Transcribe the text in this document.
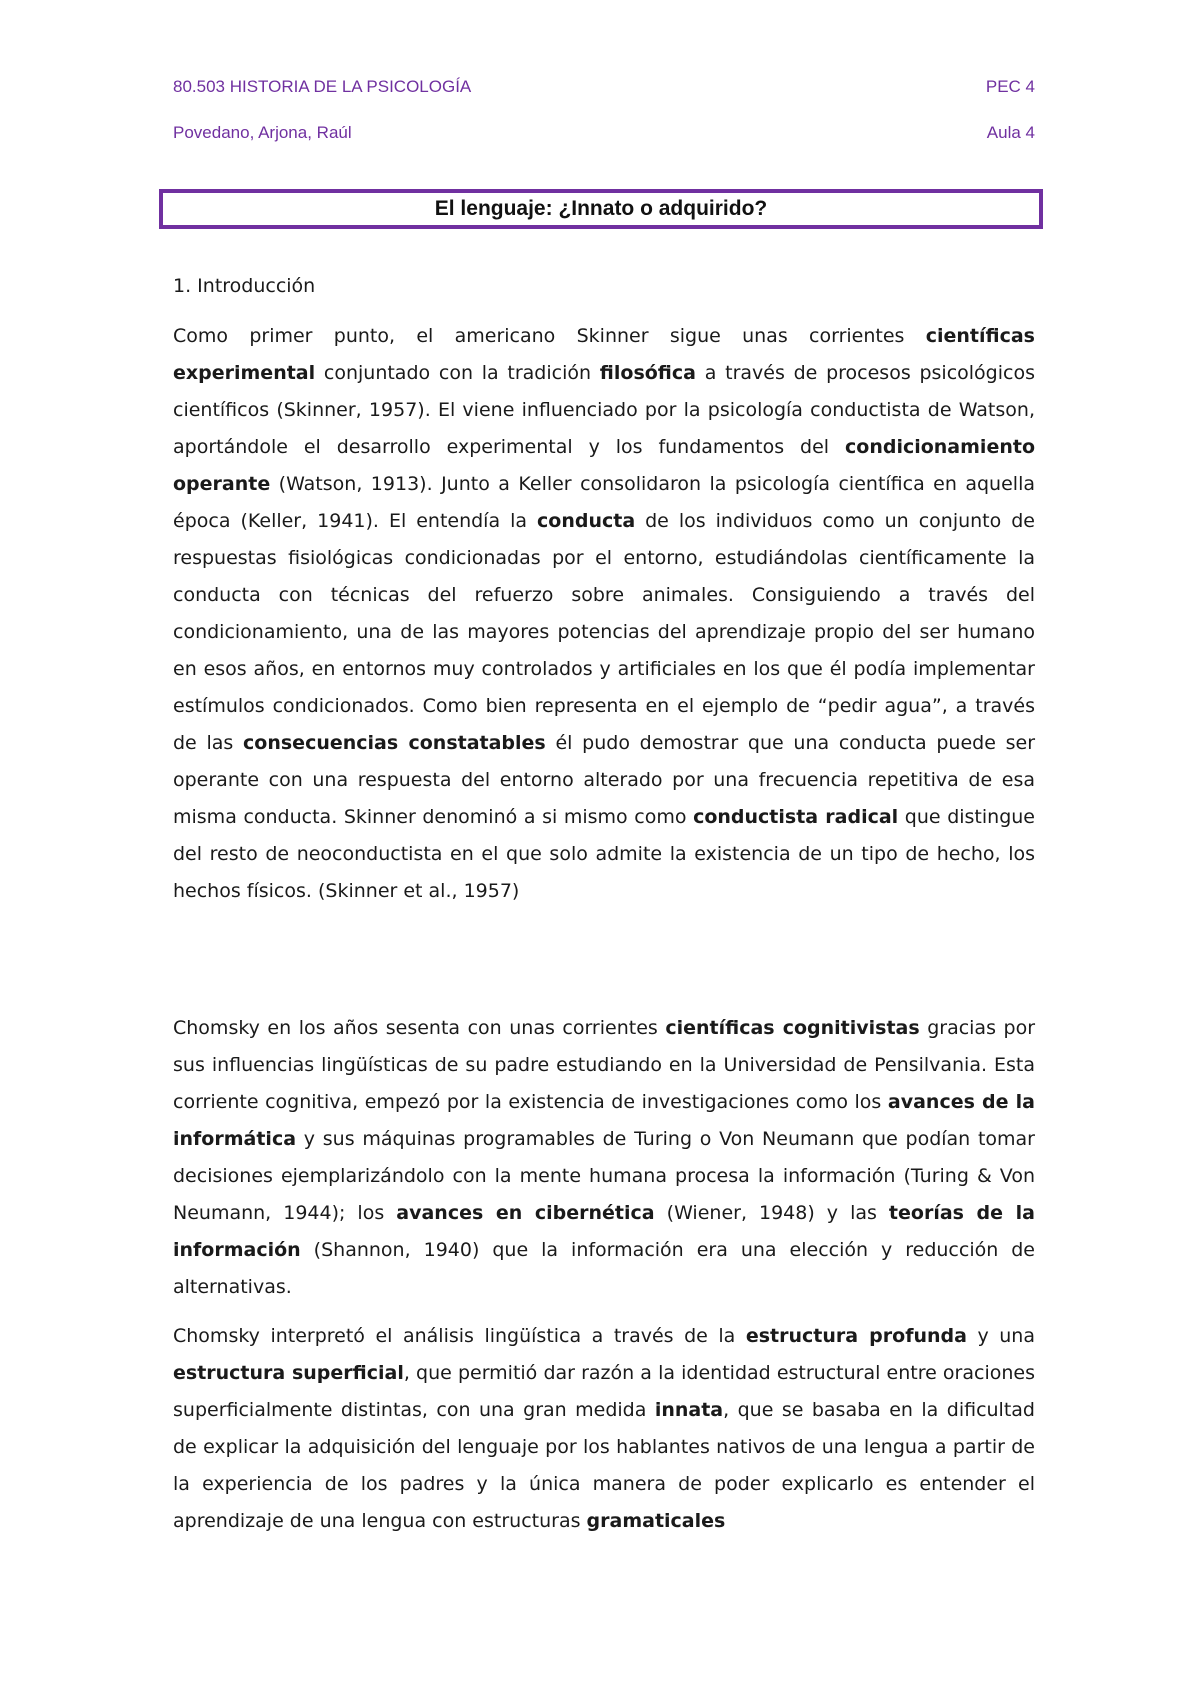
80.503 HISTORIA DE LA PSICOLOGÍA	PEC 4
Povedano, Arjona, Raúl	Aula 4
El lenguaje: ¿Innato o adquirido?
1. Introducción

Como primer punto, el americano Skinner sigue unas corrientes científicas experimental conjuntado con la tradición filosófica a través de procesos psicológicos científicos (Skinner, 1957). El viene influenciado por la psicología conductista de Watson, aportándole el desarrollo experimental y los fundamentos del condicionamiento operante (Watson, 1913). Junto a Keller consolidaron la psicología científica en aquella época (Keller, 1941). El entendía la conducta de los individuos como un conjunto de respuestas fisiológicas condicionadas por el entorno, estudiándolas científicamente la conducta con técnicas del refuerzo sobre animales. Consiguiendo a través del condicionamiento, una de las mayores potencias del aprendizaje propio del ser humano en esos años, en entornos muy controlados y artificiales en los que él podía implementar estímulos condicionados. Como bien representa en el ejemplo de “pedir agua”, a través de las consecuencias constatables él pudo demostrar que una conducta puede ser operante con una respuesta del entorno alterado por una frecuencia repetitiva de esa misma conducta. Skinner denominó a si mismo como conductista radical que distingue del resto de neoconductista en el que solo admite la existencia de un tipo de hecho, los hechos físicos. (Skinner et al., 1957)

Chomsky en los años sesenta con unas corrientes científicas cognitivistas gracias por sus influencias lingüísticas de su padre estudiando en la Universidad de Pensilvania. Esta corriente cognitiva, empezó por la existencia de investigaciones como los avances de la informática y sus máquinas programables de Turing o Von Neumann que podían tomar decisiones ejemplarizándolo con la mente humana procesa la información (Turing & Von Neumann, 1944); los avances en cibernética (Wiener, 1948) y las teorías de la información (Shannon, 1940) que la información era una elección y reducción de alternativas.

Chomsky interpretó el análisis lingüística a través de la estructura profunda y una estructura superficial, que permitió dar razón a la identidad estructural entre oraciones superficialmente distintas, con una gran medida innata, que se basaba en la dificultad de explicar la adquisición del lenguaje por los hablantes nativos de una lengua a partir de la experiencia de los padres y la única manera de poder explicarlo es entender el aprendizaje de una lengua con estructuras gramaticales
